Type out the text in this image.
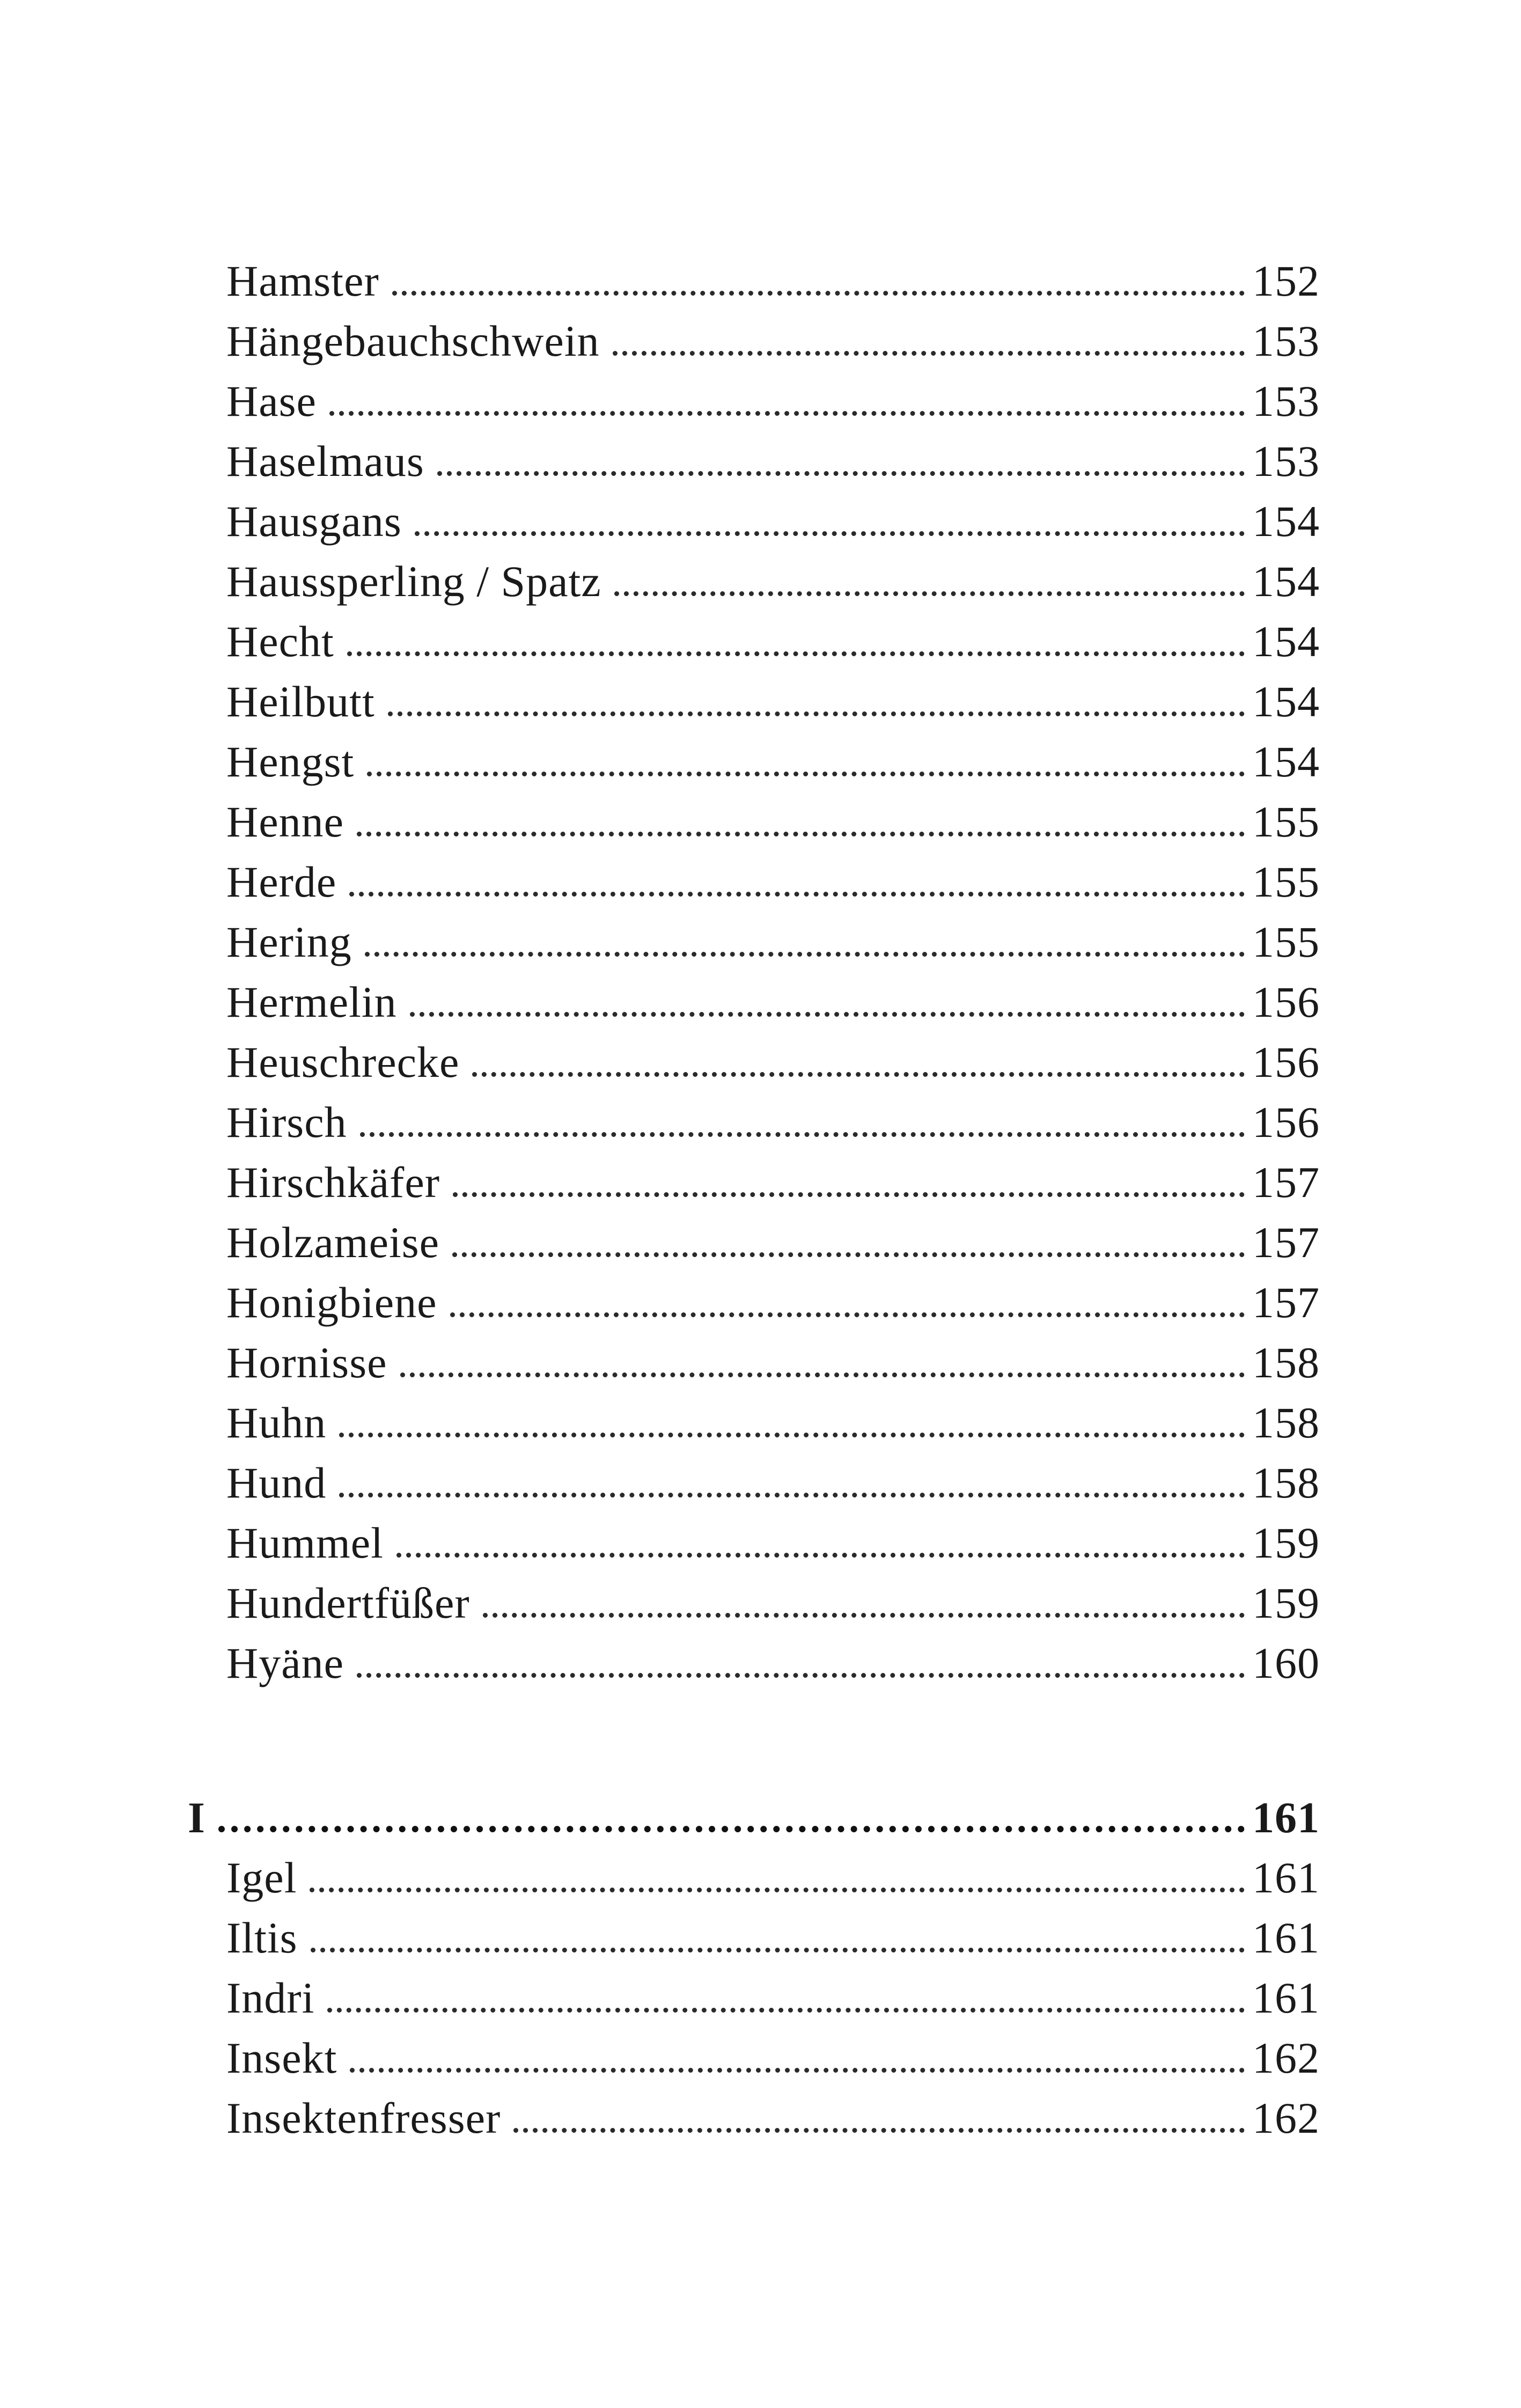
Hamster	152
Hängebauchschwein	153
Hase	153
Haselmaus	153
Hausgans	154
Haussperling / Spatz	154
Hecht	154
Heilbutt	154
Hengst	154
Henne	155
Herde	155
Hering	155
Hermelin	156
Heuschrecke	156
Hirsch	156
Hirschkäfer	157
Holzameise	157
Honigbiene	157
Hornisse	158
Huhn	158
Hund	158
Hummel	159
Hundertfüßer	159
Hyäne	160
I	161
Igel	161
Iltis	161
Indri	161
Insekt	162
Insektenfresser	162
